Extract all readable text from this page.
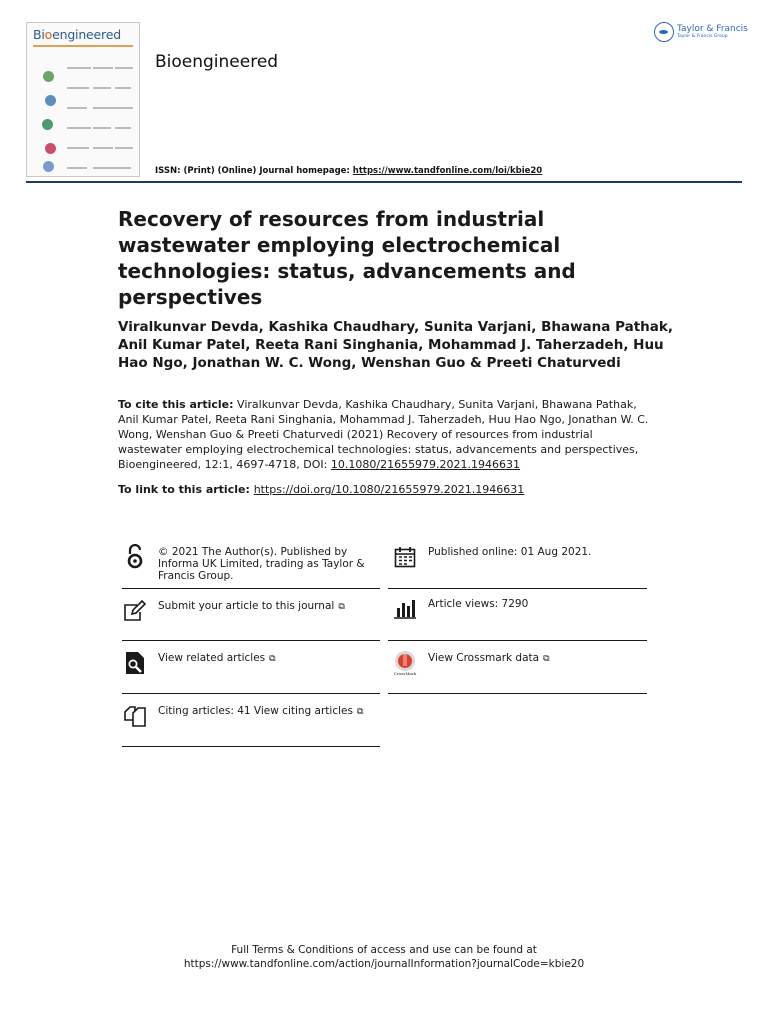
Bioengineered
Bioengineered
Taylor & Francis
Taylor & Francis Group
ISSN: (Print) (Online) Journal homepage: https://www.tandfonline.com/loi/kbie20
Recovery of resources from industrial wastewater employing electrochemical technologies: status, advancements and perspectives
Viralkunvar Devda, Kashika Chaudhary, Sunita Varjani, Bhawana Pathak, Anil Kumar Patel, Reeta Rani Singhania, Mohammad J. Taherzadeh, Huu Hao Ngo, Jonathan W. C. Wong, Wenshan Guo & Preeti Chaturvedi
To cite this article: Viralkunvar Devda, Kashika Chaudhary, Sunita Varjani, Bhawana Pathak, Anil Kumar Patel, Reeta Rani Singhania, Mohammad J. Taherzadeh, Huu Hao Ngo, Jonathan W. C. Wong, Wenshan Guo & Preeti Chaturvedi (2021) Recovery of resources from industrial wastewater employing electrochemical technologies: status, advancements and perspectives, Bioengineered, 12:1, 4697-4718, DOI: 10.1080/21655979.2021.1946631
To link to this article: https://doi.org/10.1080/21655979.2021.1946631
© 2021 The Author(s). Published by Informa UK Limited, trading as Taylor & Francis Group.
Published online: 01 Aug 2021.
Submit your article to this journal ⧉	Article views: 7290
View related articles ⧉
CrossMark
View Crossmark data ⧉
Citing articles: 41 View citing articles ⧉
Full Terms & Conditions of access and use can be found at
https://www.tandfonline.com/action/journalInformation?journalCode=kbie20
